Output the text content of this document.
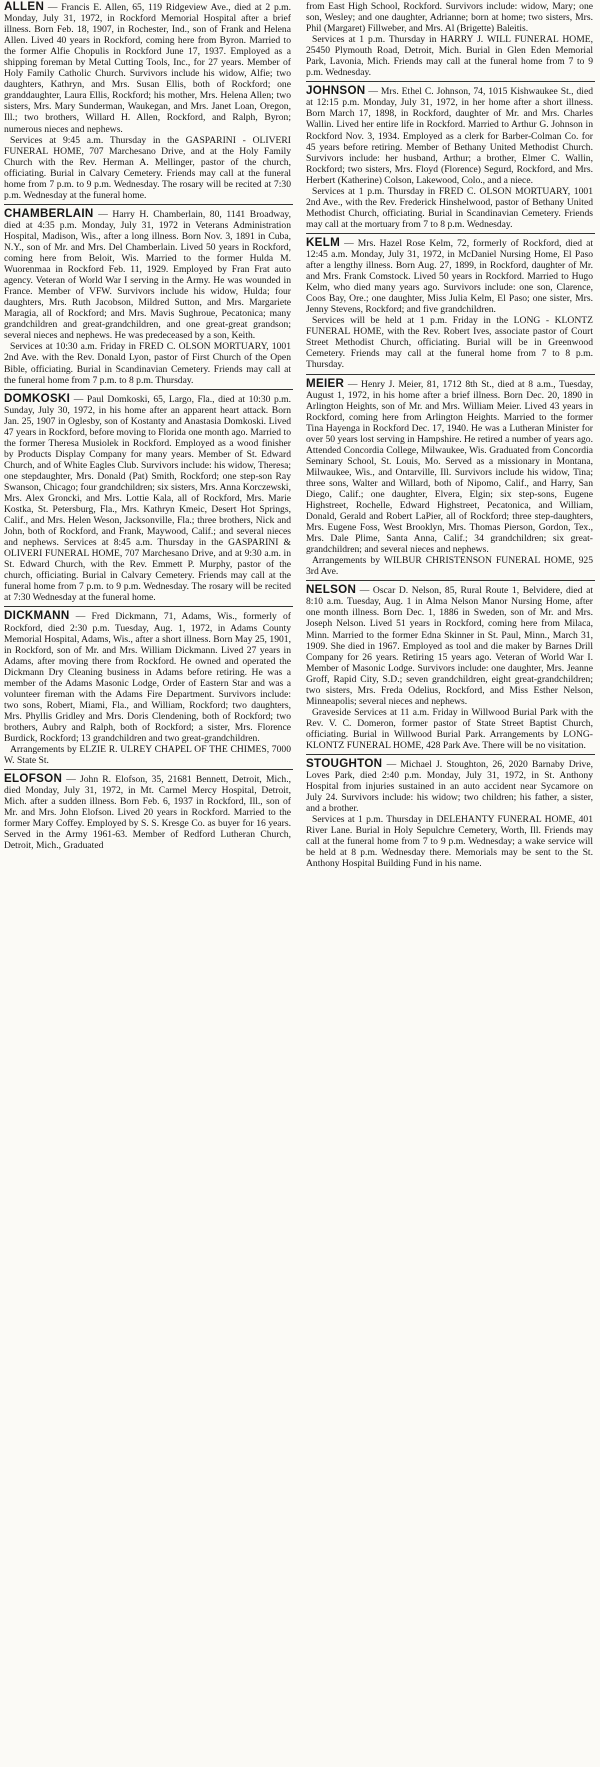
ALLEN — Francis E. Allen, 65, 119 Ridgeview Ave., died at 2 p.m. Monday, July 31, 1972, in Rockford Memorial Hospital after a brief illness. Born Feb. 18, 1907, in Rochester, Ind., son of Frank and Helena Allen. Lived 40 years in Rockford, coming here from Byron. Married to the former Alfie Chopulis in Rockford June 17, 1937. Employed as a shipping foreman by Metal Cutting Tools, Inc., for 27 years. Member of Holy Family Catholic Church. Survivors include his widow, Alfie; two daughters, Kathryn, and Mrs. Susan Ellis, both of Rockford; one granddaughter, Laura Ellis, Rockford; his mother, Mrs. Helena Allen; two sisters, Mrs. Mary Sunderman, Waukegan, and Mrs. Janet Loan, Oregon, Ill.; two brothers, Willard H. Allen, Rockford, and Ralph, Byron; numerous nieces and nephews.

Services at 9:45 a.m. Thursday in the GASPARINI - OLIVERI FUNERAL HOME, 707 Marchesano Drive, and at the Holy Family Church with the Rev. Herman A. Mellinger, pastor of the church, officiating. Burial in Calvary Cemetery. Friends may call at the funeral home from 7 p.m. to 9 p.m. Wednesday. The rosary will be recited at 7:30 p.m. Wednesday at the funeral home.

CHAMBERLAIN — Harry H. Chamberlain, 80, 1141 Broadway, died at 4:35 p.m. Monday, July 31, 1972 in Veterans Administration Hospital, Madison, Wis., after a long illness. Born Nov. 3, 1891 in Cuba, N.Y., son of Mr. and Mrs. Del Chamberlain. Lived 50 years in Rockford, coming here from Beloit, Wis. Married to the former Hulda M. Wuorenmaa in Rockford Feb. 11, 1929. Employed by Fran Frat auto agency. Veteran of World War I serving in the Army. He was wounded in France. Member of VFW. Survivors include his widow, Hulda; four daughters, Mrs. Ruth Jacobson, Mildred Sutton, and Mrs. Margariete Maragia, all of Rockford; and Mrs. Mavis Sughroue, Pecatonica; many grandchildren and great-grandchildren, and one great-great grandson; several nieces and nephews. He was predeceased by a son, Keith.

Services at 10:30 a.m. Friday in FRED C. OLSON MORTUARY, 1001 2nd Ave. with the Rev. Donald Lyon, pastor of First Church of the Open Bible, officiating. Burial in Scandinavian Cemetery. Friends may call at the funeral home from 7 p.m. to 8 p.m. Thursday.

DOMKOSKI — Paul Domkoski, 65, Largo, Fla., died at 10:30 p.m. Sunday, July 30, 1972, in his home after an apparent heart attack. Born Jan. 25, 1907 in Oglesby, son of Kostanty and Anastasia Domkoski. Lived 47 years in Rockford, before moving to Florida one month ago. Married to the former Theresa Musiolek in Rockford. Employed as a wood finisher by Products Display Company for many years. Member of St. Edward Church, and of White Eagles Club. Survivors include: his widow, Theresa; one stepdaughter, Mrs. Donald (Pat) Smith, Rockford; one step-son Ray Swanson, Chicago; four grandchildren; six sisters, Mrs. Anna Korczewski, Mrs. Alex Groncki, and Mrs. Lottie Kala, all of Rockford, Mrs. Marie Kostka, St. Petersburg, Fla., Mrs. Kathryn Kmeic, Desert Hot Springs, Calif., and Mrs. Helen Weson, Jacksonville, Fla.; three brothers, Nick and John, both of Rockford, and Frank, Maywood, Calif.; and several nieces and nephews. Services at 8:45 a.m. Thursday in the GASPARINI & OLIVERI FUNERAL HOME, 707 Marchesano Drive, and at 9:30 a.m. in St. Edward Church, with the Rev. Emmett P. Murphy, pastor of the church, officiating. Burial in Calvary Cemetery. Friends may call at the funeral home from 7 p.m. to 9 p.m. Wednesday. The rosary will be recited at 7:30 Wednesday at the funeral home.

DICKMANN — Fred Dickmann, 71, Adams, Wis., formerly of Rockford, died 2:30 p.m. Tuesday, Aug. 1, 1972, in Adams County Memorial Hospital, Adams, Wis., after a short illness. Born May 25, 1901, in Rockford, son of Mr. and Mrs. William Dickmann. Lived 27 years in Adams, after moving there from Rockford. He owned and operated the Dickmann Dry Cleaning business in Adams before retiring. He was a member of the Adams Masonic Lodge, Order of Eastern Star and was a volunteer fireman with the Adams Fire Department. Survivors include: two sons, Robert, Miami, Fla., and William, Rockford; two daughters, Mrs. Phyllis Gridley and Mrs. Doris Clendening, both of Rockford; two brothers, Aubry and Ralph, both of Rockford; a sister, Mrs. Florence Burdick, Rockford; 13 grandchildren and two great-grandchildren.

Arrangements by ELZIE R. ULREY CHAPEL OF THE CHIMES, 7000 W. State St.

ELOFSON — John R. Elofson, 35, 21681 Bennett, Detroit, Mich., died Monday, July 31, 1972, in Mt. Carmel Mercy Hospital, Detroit, Mich. after a sudden illness. Born Feb. 6, 1937 in Rockford, Ill., son of Mr. and Mrs. John Elofson. Lived 20 years in Rockford. Married to the former Mary Coffey. Employed by S. S. Kresge Co. as buyer for 16 years. Served in the Army 1961-63. Member of Redford Lutheran Church, Detroit, Mich., Graduated

from East High School, Rockford. Survivors include: widow, Mary; one son, Wesley; and one daughter, Adrianne; born at home; two sisters, Mrs. Phil (Margaret) Fillweber, and Mrs. Al (Brigette) Baleitis.

Services at 1 p.m. Thursday in HARRY J. WILL FUNERAL HOME, 25450 Plymouth Road, Detroit, Mich. Burial in Glen Eden Memorial Park, Lavonia, Mich. Friends may call at the funeral home from 7 to 9 p.m. Wednesday.

JOHNSON — Mrs. Ethel C. Johnson, 74, 1015 Kishwaukee St., died at 12:15 p.m. Monday, July 31, 1972, in her home after a short illness. Born March 17, 1898, in Rockford, daughter of Mr. and Mrs. Charles Wallin. Lived her entire life in Rockford. Married to Arthur G. Johnson in Rockford Nov. 3, 1934. Employed as a clerk for Barber-Colman Co. for 45 years before retiring. Member of Bethany United Methodist Church. Survivors include: her husband, Arthur; a brother, Elmer C. Wallin, Rockford; two sisters, Mrs. Floyd (Florence) Segurd, Rockford, and Mrs. Herbert (Katherine) Colson, Lakewood, Colo., and a niece.

Services at 1 p.m. Thursday in FRED C. OLSON MORTUARY, 1001 2nd Ave., with the Rev. Frederick Hinshelwood, pastor of Bethany United Methodist Church, officiating. Burial in Scandinavian Cemetery. Friends may call at the mortuary from 7 to 8 p.m. Wednesday.

KELM — Mrs. Hazel Rose Kelm, 72, formerly of Rockford, died at 12:45 a.m. Monday, July 31, 1972, in McDaniel Nursing Home, El Paso after a lengthy illness. Born Aug. 27, 1899, in Rockford, daughter of Mr. and Mrs. Frank Comstock. Lived 50 years in Rockford. Married to Hugo Kelm, who died many years ago. Survivors include: one son, Clarence, Coos Bay, Ore.; one daughter, Miss Julia Kelm, El Paso; one sister, Mrs. Jenny Stevens, Rockford; and five grandchildren.

Services will be held at 1 p.m. Friday in the LONG - KLONTZ FUNERAL HOME, with the Rev. Robert Ives, associate pastor of Court Street Methodist Church, officiating. Burial will be in Greenwood Cemetery. Friends may call at the funeral home from 7 to 8 p.m. Thursday.

MEIER — Henry J. Meier, 81, 1712 8th St., died at 8 a.m., Tuesday, August 1, 1972, in his home after a brief illness. Born Dec. 20, 1890 in Arlington Heights, son of Mr. and Mrs. William Meier. Lived 43 years in Rockford, coming here from Arlington Heights. Married to the former Tina Hayenga in Rockford Dec. 17, 1940. He was a Lutheran Minister for over 50 years lost serving in Hampshire. He retired a number of years ago. Attended Concordia College, Milwaukee, Wis. Graduated from Concordia Seminary School, St. Louis, Mo. Served as a missionary in Montana, Milwaukee, Wis., and Ontarville, Ill. Survivors include his widow, Tina; three sons, Walter and Willard, both of Nipomo, Calif., and Harry, San Diego, Calif.; one daughter, Elvera, Elgin; six step-sons, Eugene Highstreet, Rochelle, Edward Highstreet, Pecatonica, and William, Donald, Gerald and Robert LaPier, all of Rockford; three step-daughters, Mrs. Eugene Foss, West Brooklyn, Mrs. Thomas Pierson, Gordon, Tex., Mrs. Dale Plime, Santa Anna, Calif.; 34 grandchildren; six great-grandchildren; and several nieces and nephews.

Arrangements by WILBUR CHRISTENSON FUNERAL HOME, 925 3rd Ave.

NELSON — Oscar D. Nelson, 85, Rural Route 1, Belvidere, died at 8:10 a.m. Tuesday, Aug. 1 in Alma Nelson Manor Nursing Home, after one month illness. Born Dec. 1, 1886 in Sweden, son of Mr. and Mrs. Joseph Nelson. Lived 51 years in Rockford, coming here from Milaca, Minn. Married to the former Edna Skinner in St. Paul, Minn., March 31, 1909. She died in 1967. Employed as tool and die maker by Barnes Drill Company for 26 years. Retiring 15 years ago. Veteran of World War I. Member of Masonic Lodge. Survivors include: one daughter, Mrs. Jeanne Groff, Rapid City, S.D.; seven grandchildren, eight great-grandchildren; two sisters, Mrs. Freda Odelius, Rockford, and Miss Esther Nelson, Minneapolis; several nieces and nephews.

Graveside Services at 11 a.m. Friday in Willwood Burial Park with the Rev. V. C. Domeron, former pastor of State Street Baptist Church, officiating. Burial in Willwood Burial Park. Arrangements by LONG-KLONTZ FUNERAL HOME, 428 Park Ave. There will be no visitation.

STOUGHTON — Michael J. Stoughton, 26, 2020 Barnaby Drive, Loves Park, died 2:40 p.m. Monday, July 31, 1972, in St. Anthony Hospital from injuries sustained in an auto accident near Sycamore on July 24. Survivors include: his widow; two children; his father, a sister, and a brother.

Services at 1 p.m. Thursday in DELEHANTY FUNERAL HOME, 401 River Lane. Burial in Holy Sepulchre Cemetery, Worth, Ill. Friends may call at the funeral home from 7 to 9 p.m. Wednesday; a wake service will be held at 8 p.m. Wednesday there. Memorials may be sent to the St. Anthony Hospital Building Fund in his name.
